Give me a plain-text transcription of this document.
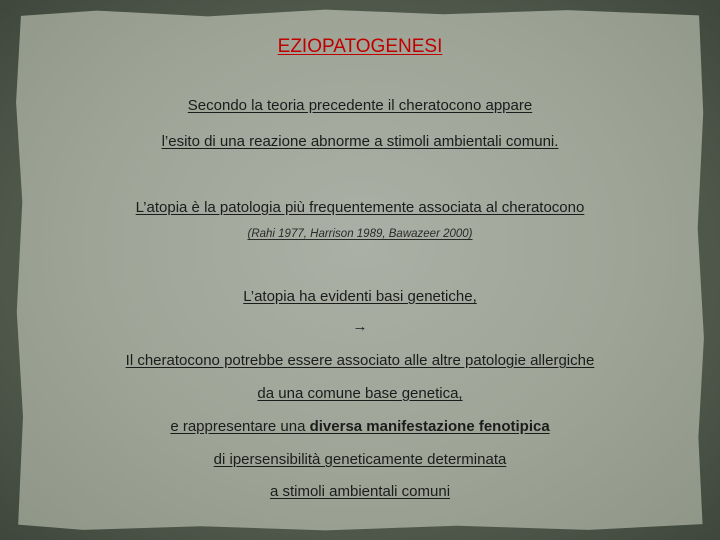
EZIOPATOGENESI
Secondo la teoria precedente il cheratocono appare
l’esito di una reazione abnorme a stimoli ambientali comuni.
L’atopia è la patologia più frequentemente associata al cheratocono
(Rahi 1977, Harrison 1989, Bawazeer 2000)
L’atopia ha evidenti basi genetiche,
→
Il cheratocono potrebbe essere associato alle altre patologie allergiche
da una comune base genetica,
e rappresentare una diversa manifestazione fenotipica
di ipersensibilità geneticamente determinata
a stimoli ambientali comuni
